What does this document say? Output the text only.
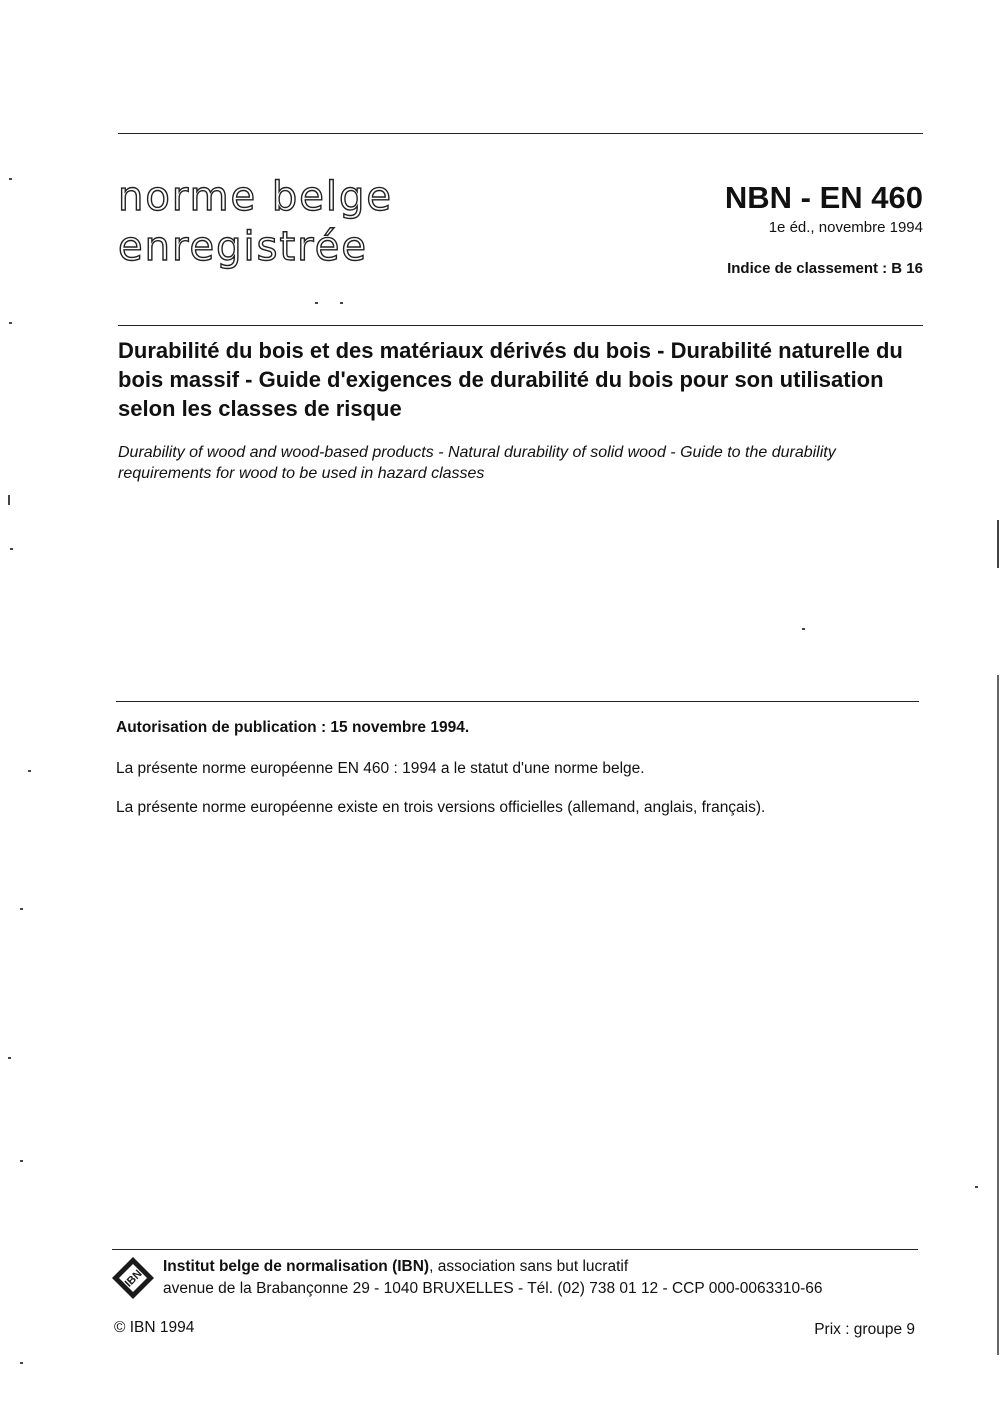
norme belge
enregistrée
NBN - EN 460
1e éd., novembre 1994
Indice de classement : B 16
Durabilité du bois et des matériaux dérivés du bois - Durabilité naturelle du bois massif - Guide d'exigences de durabilité du bois pour son utilisation selon les classes de risque
Durability of wood and wood-based products - Natural durability of solid wood - Guide to the durability requirements for wood to be used in hazard classes
Autorisation de publication : 15 novembre 1994.
La présente norme européenne EN 460 : 1994 a le statut d'une norme belge.
La présente norme européenne existe en trois versions officielles (allemand, anglais, français).
IBN
Institut belge de normalisation (IBN), association sans but lucratif
avenue de la Brabançonne 29 - 1040 BRUXELLES - Tél. (02) 738 01 12 - CCP 000-0063310-66
© IBN 1994	Prix : groupe 9
